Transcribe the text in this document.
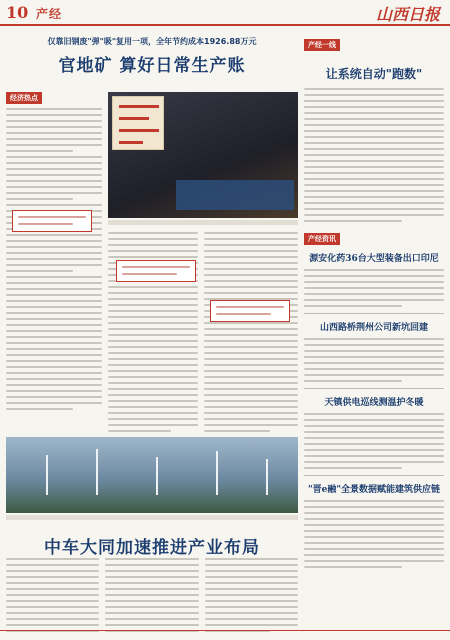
10 产经	山西日报
仅靠旧钢废"弹"吸"复用一项，全年节约成本1926.88万元
官地矿 算好日常生产账
经济热点
产经一线
让系统自动"跑数"
产经资讯
源安化药36台大型装备出口印尼
山西路桥荆州公司新坑回建
天镇供电巡线测温护冬暖
"晋e融"全景数据赋能建筑供应链
中车大同加速推进产业布局
